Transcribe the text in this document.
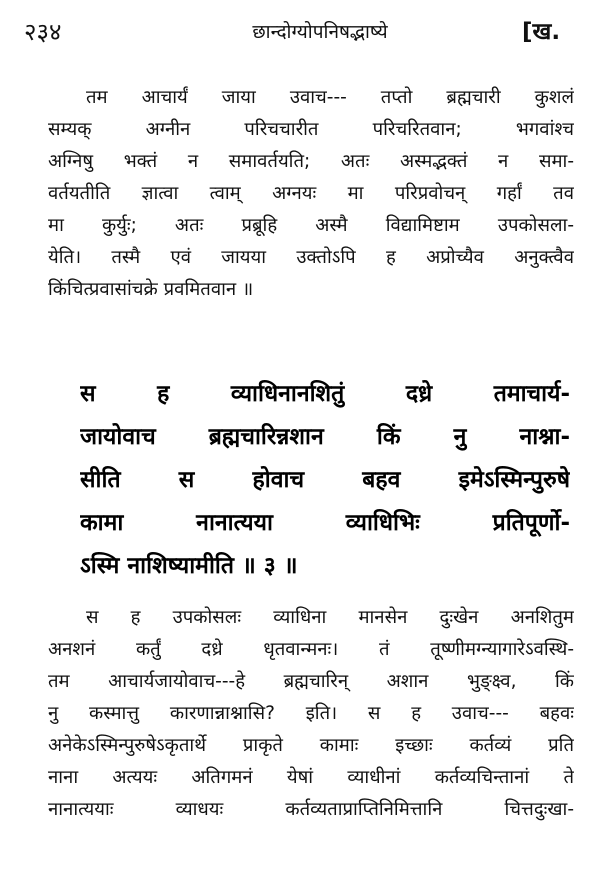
२३४	छान्दोग्योपनिषद्भाष्ये	[ख.
तम आचार्यं जाया उवाच--- तप्तो ब्रह्मचारी कुशलं
सम्यक् अग्नीन परिचचारीत परिचरितवान; भगवांश्च
अग्निषु भक्तं न समावर्तयति; अतः अस्मद्भक्तं न समा-
वर्तयतीति ज्ञात्वा त्वाम् अग्नयः मा परिप्रवोचन् गर्हां तव
मा कुर्युः; अतः प्रब्रूहि अस्मै विद्यामिष्टाम उपकोसला-
येति। तस्मै एवं जायया उक्तोऽपि ह अप्रोच्यैव अनुक्त्वैव
किंचित्प्रवासांचक्रे प्रवमितवान ॥
स ह व्याधिनानशितुं दध्रे तमाचार्य-
जायोवाच ब्रह्मचारिन्नशान किं नु नाश्ना-
सीति स होवाच बहव इमेऽस्मिन्पुरुषे
कामा नानात्यया व्याधिभिः प्रतिपूर्णो-
ऽस्मि नाशिष्यामीति ॥ ३ ॥
स ह उपकोसलः व्याधिना मानसेन दुःखेन अनशितुम
अनशनं कर्तुं दध्रे धृतवान्मनः। तं तूष्णीमग्न्यागारेऽवस्थि-
तम आचार्यजायोवाच---हे ब्रह्मचारिन् अशान भुङ्क्ष्व, किं
नु कस्मात्तु कारणान्नाश्नासि? इति। स ह उवाच--- बहवः
अनेकेऽस्मिन्पुरुषेऽकृतार्थे प्राकृते कामाः इच्छाः कर्तव्यं प्रति
नाना अत्ययः अतिगमनं येषां व्याधीनां कर्तव्यचिन्तानां ते
नानात्ययाः व्याधयः कर्तव्यताप्राप्तिनिमित्तानि चित्तदुःखा-
